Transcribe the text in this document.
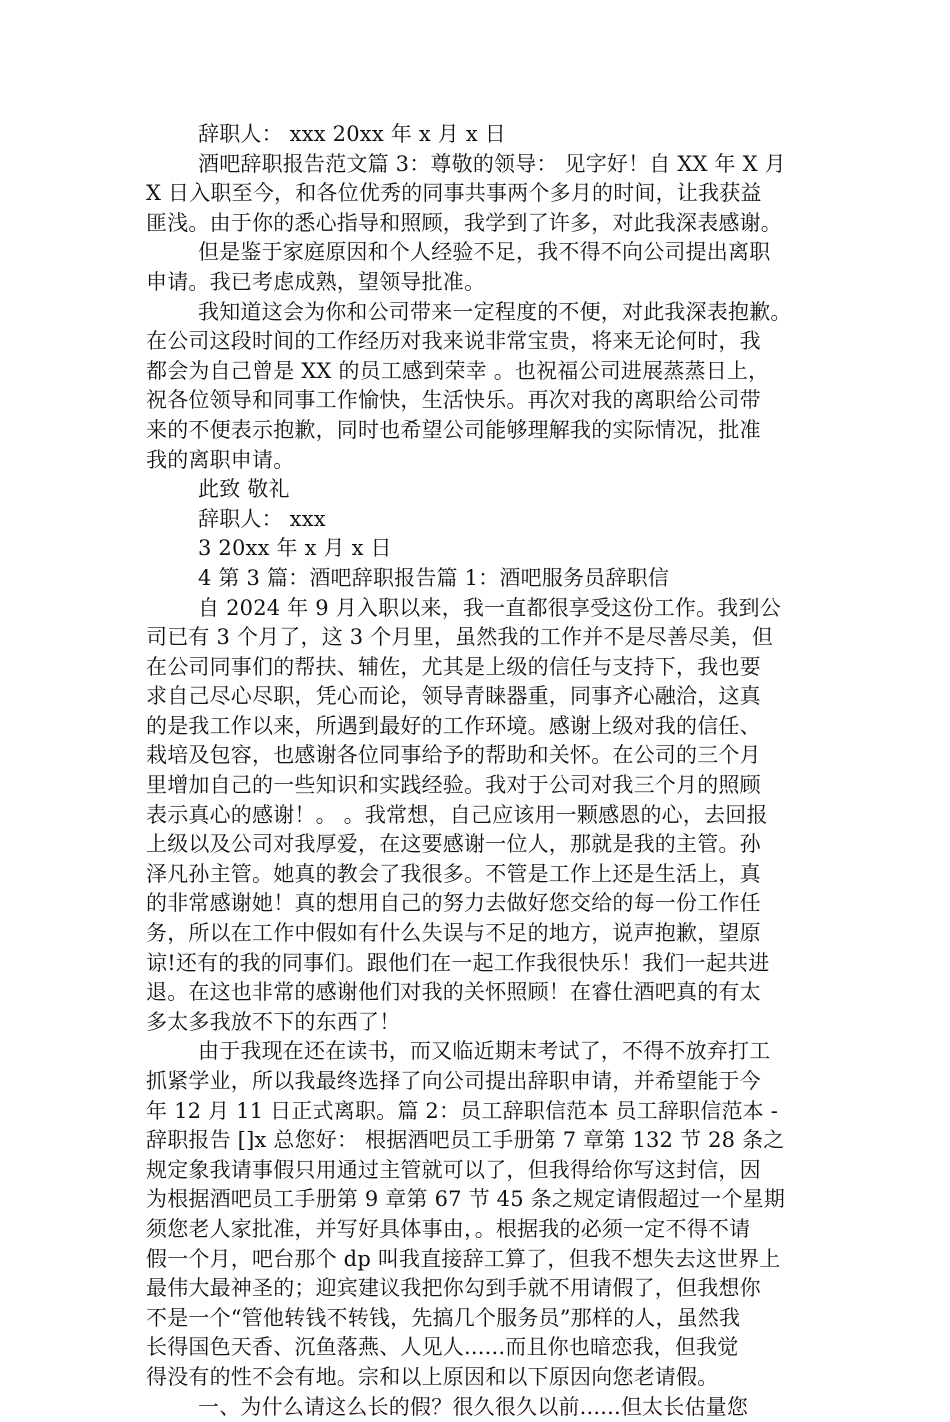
辞职人： xxx 20xx 年 x 月 x 日
酒吧辞职报告范文篇 3：尊敬的领导： 见字好！自 XX 年 X 月
X 日入职至今，和各位优秀的同事共事两个多月的时间，让我获益
匪浅。由于你的悉心指导和照顾，我学到了许多，对此我深表感谢。
但是鉴于家庭原因和个人经验不足，我不得不向公司提出离职
申请。我已考虑成熟，望领导批准。
我知道这会为你和公司带来一定程度的不便，对此我深表抱歉。
在公司这段时间的工作经历对我来说非常宝贵，将来无论何时，我
都会为自己曾是 XX 的员工感到荣幸 。也祝福公司进展蒸蒸日上，
祝各位领导和同事工作愉快，生活快乐。再次对我的离职给公司带
来的不便表示抱歉，同时也希望公司能够理解我的实际情况，批准
我的离职申请。
此致 敬礼
辞职人： xxx
3 20xx 年 x 月 x 日
4 第 3 篇：酒吧辞职报告篇 1：酒吧服务员辞职信
自 2024 年 9 月入职以来，我一直都很享受这份工作。我到公
司已有 3 个月了，这 3 个月里，虽然我的工作并不是尽善尽美，但
在公司同事们的帮扶、辅佐，尤其是上级的信任与支持下，我也要
求自己尽心尽职，凭心而论，领导青睐器重，同事齐心融洽，这真
的是我工作以来，所遇到最好的工作环境。感谢上级对我的信任、
栽培及包容，也感谢各位同事给予的帮助和关怀。在公司的三个月
里增加自己的一些知识和实践经验。我对于公司对我三个月的照顾
表示真心的感谢！。 。我常想，自己应该用一颗感恩的心，去回报
上级以及公司对我厚爱，在这要感谢一位人，那就是我的主管。孙
泽凡孙主管。她真的教会了我很多。不管是工作上还是生活上，真
的非常感谢她！真的想用自己的努力去做好您交给的每一份工作任
务，所以在工作中假如有什么失误与不足的地方，说声抱歉，望原
谅!还有的我的同事们。跟他们在一起工作我很快乐！我们一起共进
退。在这也非常的感谢他们对我的关怀照顾！在睿仕酒吧真的有太
多太多我放不下的东西了！
由于我现在还在读书，而又临近期末考试了，不得不放弃打工
抓紧学业，所以我最终选择了向公司提出辞职申请，并希望能于今
年 12 月 11 日正式离职。篇 2：员工辞职信范本 员工辞职信范本 -
辞职报告 []x 总您好： 根据酒吧员工手册第 7 章第 132 节 28 条之
规定象我请事假只用通过主管就可以了，但我得给你写这封信，因
为根据酒吧员工手册第 9 章第 67 节 45 条之规定请假超过一个星期
须您老人家批准，并写好具体事由，。根据我的必须一定不得不请
假一个月，吧台那个 dp 叫我直接辞工算了，但我不想失去这世界上
最伟大最神圣的；迎宾建议我把你勾到手就不用请假了，但我想你
不是一个“管他转钱不转钱，先搞几个服务员”那样的人，虽然我
长得国色天香、沉鱼落燕、人见人......而且你也暗恋我，但我觉
得没有的性不会有地。宗和以上原因和以下原因向您老请假。
一、为什么请这么长的假？很久很久以前......但太长估量您
